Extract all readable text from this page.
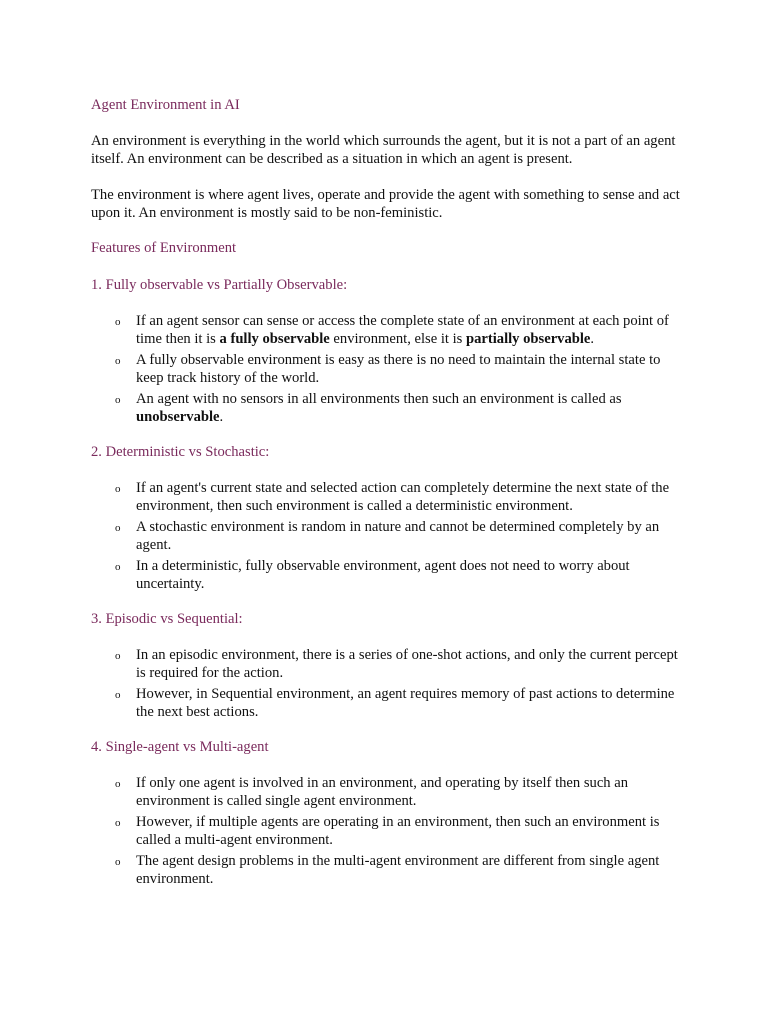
Agent Environment in AI

An environment is everything in the world which surrounds the agent, but it is not a part of an agent itself. An environment can be described as a situation in which an agent is present.

The environment is where agent lives, operate and provide the agent with something to sense and act upon it. An environment is mostly said to be non-feministic.

Features of Environment

1. Fully observable vs Partially Observable:

o If an agent sensor can sense or access the complete state of an environment at each point of time then it is a fully observable environment, else it is partially observable.
o A fully observable environment is easy as there is no need to maintain the internal state to keep track history of the world.
o An agent with no sensors in all environments then such an environment is called as unobservable.

2. Deterministic vs Stochastic:

o If an agent's current state and selected action can completely determine the next state of the environment, then such environment is called a deterministic environment.
o A stochastic environment is random in nature and cannot be determined completely by an agent.
o In a deterministic, fully observable environment, agent does not need to worry about uncertainty.

3. Episodic vs Sequential:

o In an episodic environment, there is a series of one-shot actions, and only the current percept is required for the action.
o However, in Sequential environment, an agent requires memory of past actions to determine the next best actions.

4. Single-agent vs Multi-agent

o If only one agent is involved in an environment, and operating by itself then such an environment is called single agent environment.
o However, if multiple agents are operating in an environment, then such an environment is called a multi-agent environment.
o The agent design problems in the multi-agent environment are different from single agent environment.
